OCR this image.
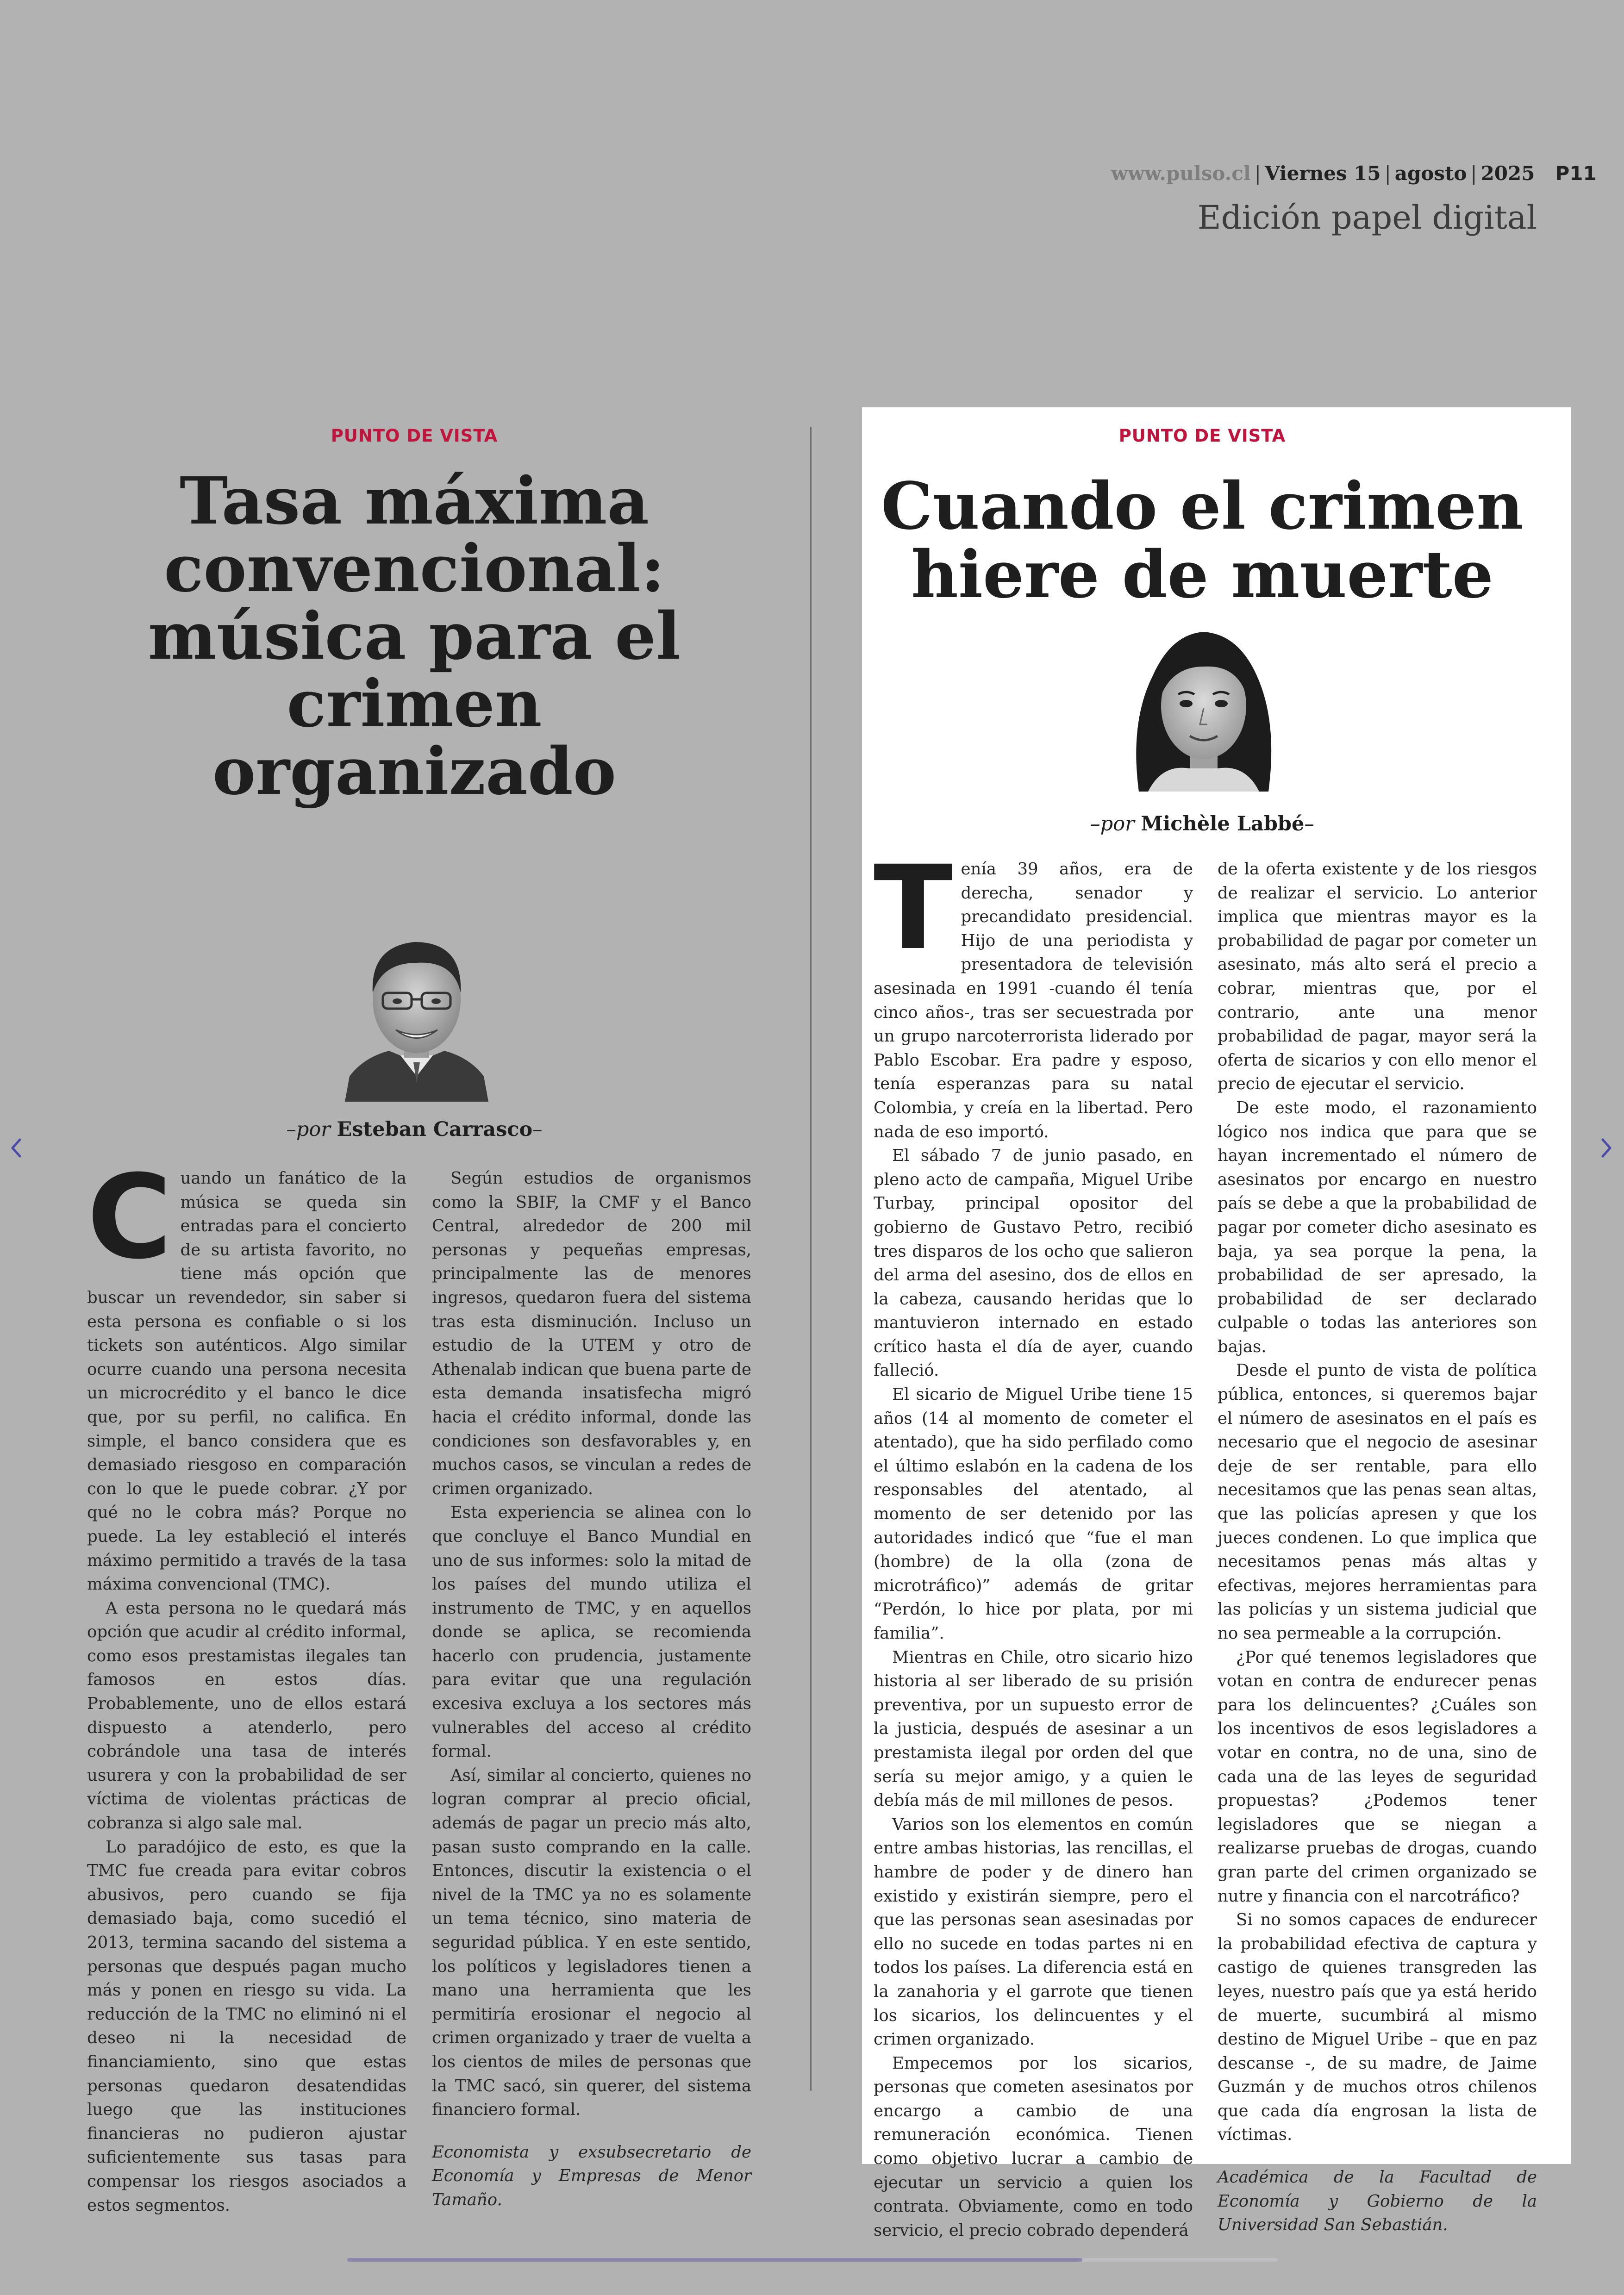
www.pulso.cl | Viernes 15 | agosto | 2025 P11
Edición papel digital
PUNTO DE VISTA
Tasa máxima convencional: música para el crimen organizado
–por Esteban Carrasco–

Cuando un fanático de la música se queda sin entradas para el concierto de su artista favorito, no tiene más opción que buscar un revendedor, sin saber si esta persona es confiable o si los tickets son auténticos. Algo similar ocurre cuando una persona necesita un microcrédito y el banco le dice que, por su perfil, no califica. En simple, el banco considera que es demasiado riesgoso en comparación con lo que le puede cobrar. ¿Y por qué no le cobra más? Porque no puede. La ley estableció el interés máximo permitido a través de la tasa máxima convencional (TMC).

A esta persona no le quedará más opción que acudir al crédito informal, como esos prestamistas ilegales tan famosos en estos días. Probablemente, uno de ellos estará dispuesto a atenderlo, pero cobrándole una tasa de interés usurera y con la probabilidad de ser víctima de violentas prácticas de cobranza si algo sale mal.

Lo paradójico de esto, es que la TMC fue creada para evitar cobros abusivos, pero cuando se fija demasiado baja, como sucedió el 2013, termina sacando del sistema a personas que después pagan mucho más y ponen en riesgo su vida. La reducción de la TMC no eliminó ni el deseo ni la necesidad de financiamiento, sino que estas personas quedaron desatendidas luego que las instituciones financieras no pudieron ajustar suficientemente sus tasas para compensar los riesgos asociados a estos segmentos.

Según estudios de organismos como la SBIF, la CMF y el Banco Central, alrededor de 200 mil personas y pequeñas empresas, principalmente las de menores ingresos, quedaron fuera del sistema tras esta disminución. Incluso un estudio de la UTEM y otro de Athenalab indican que buena parte de esta demanda insatisfecha migró hacia el crédito informal, donde las condiciones son desfavorables y, en muchos casos, se vinculan a redes de crimen organizado.

Esta experiencia se alinea con lo que concluye el Banco Mundial en uno de sus informes: solo la mitad de los países del mundo utiliza el instrumento de TMC, y en aquellos donde se aplica, se recomienda hacerlo con prudencia, justamente para evitar que una regulación excesiva excluya a los sectores más vulnerables del acceso al crédito formal.

Así, similar al concierto, quienes no logran comprar al precio oficial, además de pagar un precio más alto, pasan susto comprando en la calle. Entonces, discutir la existencia o el nivel de la TMC ya no es solamente un tema técnico, sino materia de seguridad pública. Y en este sentido, los políticos y legisladores tienen a mano una herramienta que les permitiría erosionar el negocio al crimen organizado y traer de vuelta a los cientos de miles de personas que la TMC sacó, sin querer, del sistema financiero formal.

Economista y exsubsecretario de Economía y Empresas de Menor Tamaño.

PUNTO DE VISTA
Cuando el crimen hiere de muerte
–por Michèle Labbé–

Tenía 39 años, era de derecha, senador y precandidato presidencial. Hijo de una periodista y presentadora de televisión asesinada en 1991 -cuando él tenía cinco años-, tras ser secuestrada por un grupo narcoterrorista liderado por Pablo Escobar. Era padre y esposo, tenía esperanzas para su natal Colombia, y creía en la libertad. Pero nada de eso importó.

El sábado 7 de junio pasado, en pleno acto de campaña, Miguel Uribe Turbay, principal opositor del gobierno de Gustavo Petro, recibió tres disparos de los ocho que salieron del arma del asesino, dos de ellos en la cabeza, causando heridas que lo mantuvieron internado en estado crítico hasta el día de ayer, cuando falleció.

El sicario de Miguel Uribe tiene 15 años (14 al momento de cometer el atentado), que ha sido perfilado como el último eslabón en la cadena de los responsables del atentado, al momento de ser detenido por las autoridades indicó que “fue el man (hombre) de la olla (zona de microtráfico)” además de gritar “Perdón, lo hice por plata, por mi familia”.

Mientras en Chile, otro sicario hizo historia al ser liberado de su prisión preventiva, por un supuesto error de la justicia, después de asesinar a un prestamista ilegal por orden del que sería su mejor amigo, y a quien le debía más de mil millones de pesos.

Varios son los elementos en común entre ambas historias, las rencillas, el hambre de poder y de dinero han existido y existirán siempre, pero el que las personas sean asesinadas por ello no sucede en todas partes ni en todos los países. La diferencia está en la zanahoria y el garrote que tienen los sicarios, los delincuentes y el crimen organizado.

Empecemos por los sicarios, personas que cometen asesinatos por encargo a cambio de una remuneración económica. Tienen como objetivo lucrar a cambio de ejecutar un servicio a quien los contrata. Obviamente, como en todo servicio, el precio cobrado dependerá

de la oferta existente y de los riesgos de realizar el servicio. Lo anterior implica que mientras mayor es la probabilidad de pagar por cometer un asesinato, más alto será el precio a cobrar, mientras que, por el contrario, ante una menor probabilidad de pagar, mayor será la oferta de sicarios y con ello menor el precio de ejecutar el servicio.

De este modo, el razonamiento lógico nos indica que para que se hayan incrementado el número de asesinatos por encargo en nuestro país se debe a que la probabilidad de pagar por cometer dicho asesinato es baja, ya sea porque la pena, la probabilidad de ser apresado, la probabilidad de ser declarado culpable o todas las anteriores son bajas.

Desde el punto de vista de política pública, entonces, si queremos bajar el número de asesinatos en el país es necesario que el negocio de asesinar deje de ser rentable, para ello necesitamos que las penas sean altas, que las policías apresen y que los jueces condenen. Lo que implica que necesitamos penas más altas y efectivas, mejores herramientas para las policías y un sistema judicial que no sea permeable a la corrupción.

¿Por qué tenemos legisladores que votan en contra de endurecer penas para los delincuentes? ¿Cuáles son los incentivos de esos legisladores a votar en contra, no de una, sino de cada una de las leyes de seguridad propuestas? ¿Podemos tener legisladores que se niegan a realizarse pruebas de drogas, cuando gran parte del crimen organizado se nutre y financia con el narcotráfico?

Si no somos capaces de endurecer la probabilidad efectiva de captura y castigo de quienes transgreden las leyes, nuestro país que ya está herido de muerte, sucumbirá al mismo destino de Miguel Uribe – que en paz descanse -, de su madre, de Jaime Guzmán y de muchos otros chilenos que cada día engrosan la lista de víctimas.

Académica de la Facultad de Economía y Gobierno de la Universidad San Sebastián.
